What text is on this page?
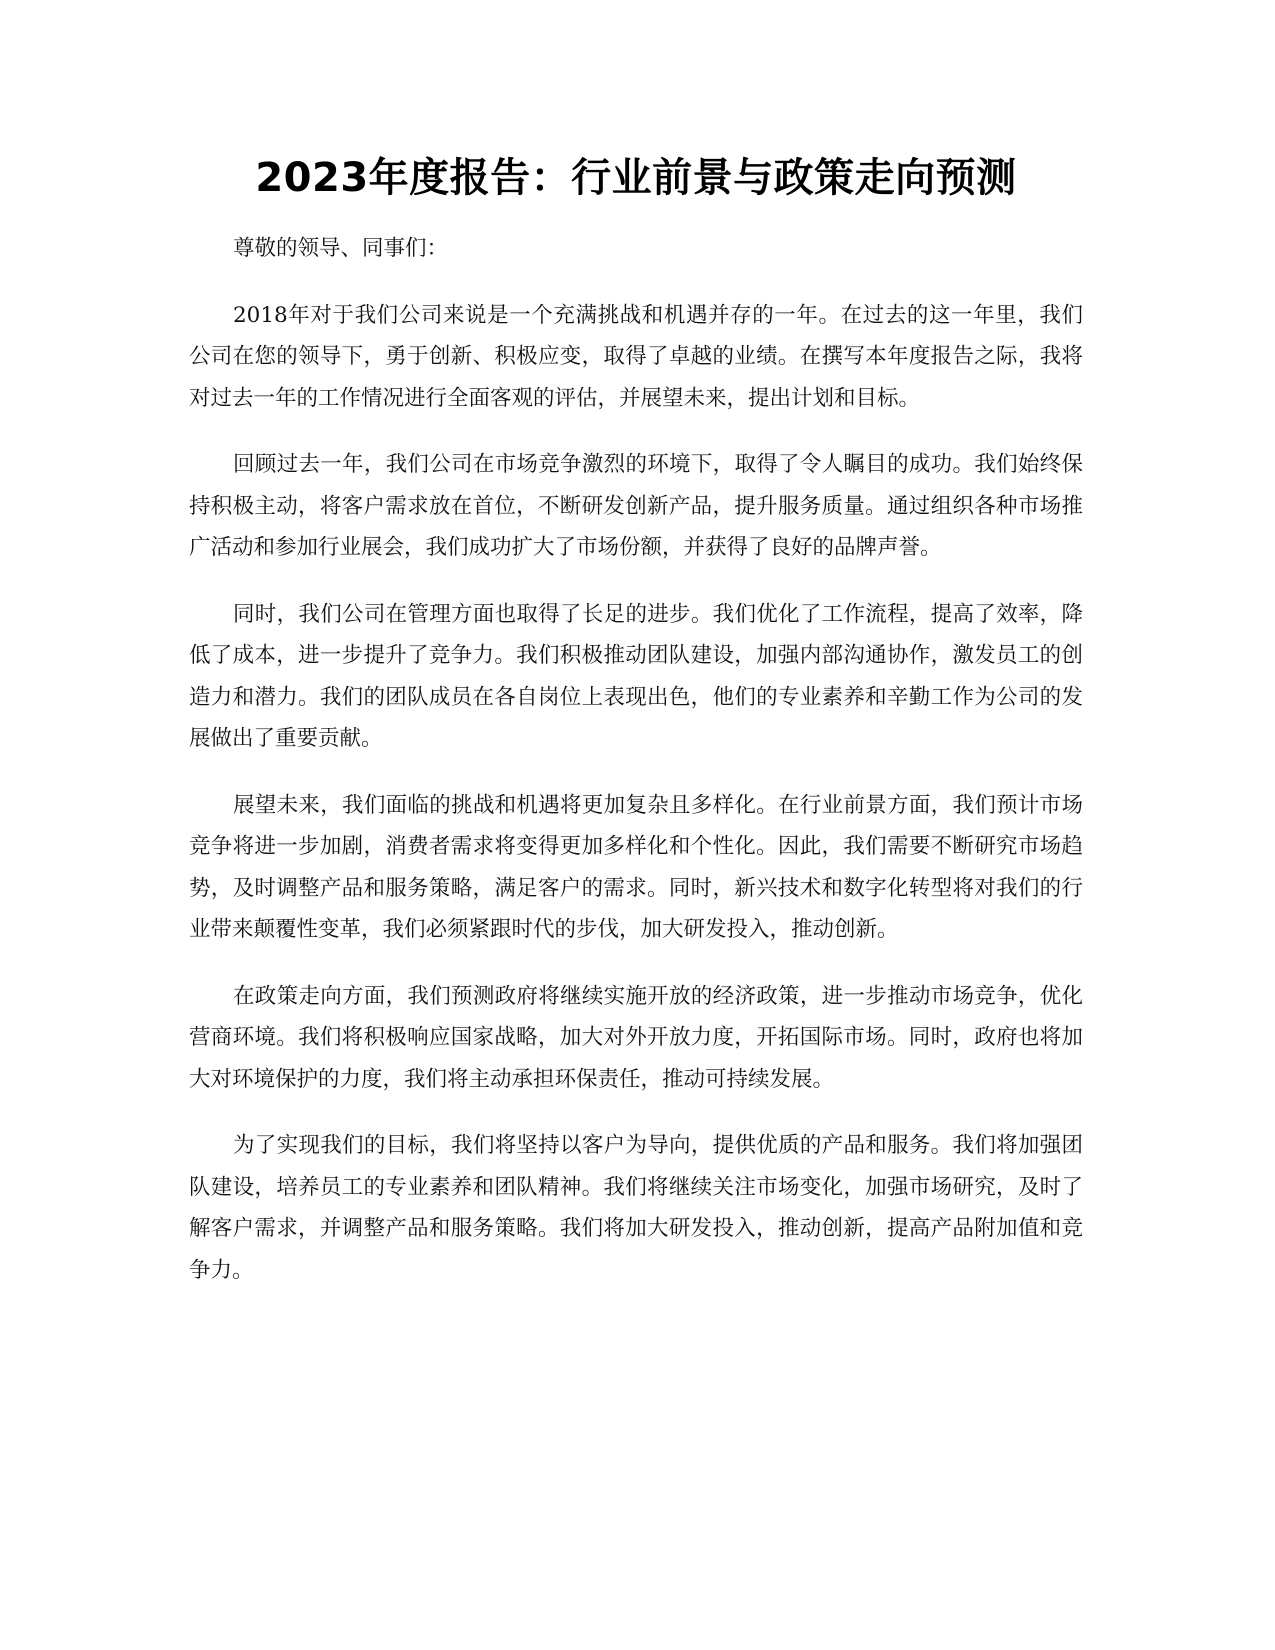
2023年度报告：行业前景与政策走向预测

尊敬的领导、同事们：

2018年对于我们公司来说是一个充满挑战和机遇并存的一年。在过去的这一年里，我们公司在您的领导下，勇于创新、积极应变，取得了卓越的业绩。在撰写本年度报告之际，我将对过去一年的工作情况进行全面客观的评估，并展望未来，提出计划和目标。

回顾过去一年，我们公司在市场竞争激烈的环境下，取得了令人瞩目的成功。我们始终保持积极主动，将客户需求放在首位，不断研发创新产品，提升服务质量。通过组织各种市场推广活动和参加行业展会，我们成功扩大了市场份额，并获得了良好的品牌声誉。

同时，我们公司在管理方面也取得了长足的进步。我们优化了工作流程，提高了效率，降低了成本，进一步提升了竞争力。我们积极推动团队建设，加强内部沟通协作，激发员工的创造力和潜力。我们的团队成员在各自岗位上表现出色，他们的专业素养和辛勤工作为公司的发展做出了重要贡献。

展望未来，我们面临的挑战和机遇将更加复杂且多样化。在行业前景方面，我们预计市场竞争将进一步加剧，消费者需求将变得更加多样化和个性化。因此，我们需要不断研究市场趋势，及时调整产品和服务策略，满足客户的需求。同时，新兴技术和数字化转型将对我们的行业带来颠覆性变革，我们必须紧跟时代的步伐，加大研发投入，推动创新。

在政策走向方面，我们预测政府将继续实施开放的经济政策，进一步推动市场竞争，优化营商环境。我们将积极响应国家战略，加大对外开放力度，开拓国际市场。同时，政府也将加大对环境保护的力度，我们将主动承担环保责任，推动可持续发展。

为了实现我们的目标，我们将坚持以客户为导向，提供优质的产品和服务。我们将加强团队建设，培养员工的专业素养和团队精神。我们将继续关注市场变化，加强市场研究，及时了解客户需求，并调整产品和服务策略。我们将加大研发投入，推动创新，提高产品附加值和竞争力。
